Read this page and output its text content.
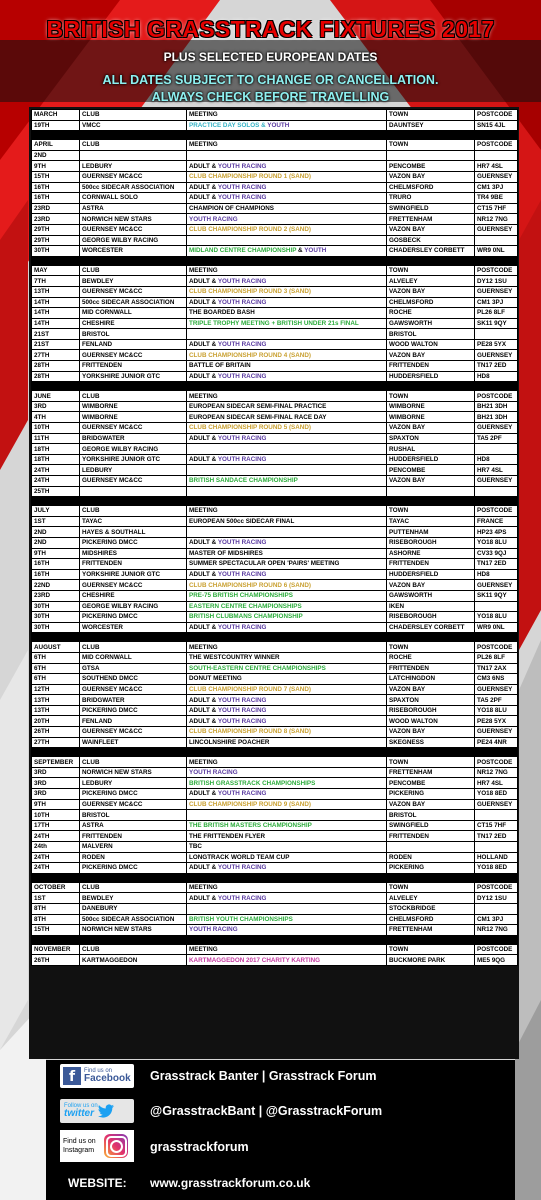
BRITISH GRASSTRACK FIXTURES 2017
PLUS SELECTED EUROPEAN DATES
ALL DATES SUBJECT TO CHANGE OR CANCELLATION.
ALWAYS CHECK BEFORE TRAVELLING
MARCH	CLUB	MEETING	TOWN	POSTCODE
19TH	VMCC	PRACTICE DAY SOLOS & YOUTH	DAUNTSEY	SN15 4JL

APRIL	CLUB	MEETING	TOWN	POSTCODE
2ND				
9TH	LEDBURY	ADULT & YOUTH RACING	PENCOMBE	HR7 4SL
15TH	GUERNSEY MC&CC	CLUB CHAMPIONSHIP ROUND 1 (SAND)	VAZON BAY	GUERNSEY
16TH	500cc SIDECAR ASSOCIATION	ADULT & YOUTH RACING	CHELMSFORD	CM1 3PJ
16TH	CORNWALL SOLO	ADULT & YOUTH RACING	TRURO	TR4 9BE
23RD	ASTRA	CHAMPION OF CHAMPIONS	SWINGFIELD	CT15 7HF
23RD	NORWICH NEW STARS	YOUTH RACING	FRETTENHAM	NR12 7NG
29TH	GUERNSEY MC&CC	CLUB CHAMPIONSHIP ROUND 2 (SAND)	VAZON BAY	GUERNSEY
29TH	GEORGE WILBY RACING		GOSBECK	
30TH	WORCESTER	MIDLAND CENTRE CHAMPIONSHIP & YOUTH	CHADERSLEY CORBETT	WR9 0NL

MAY	CLUB	MEETING	TOWN	POSTCODE
7TH	BEWDLEY	ADULT & YOUTH RACING	ALVELEY	DY12 1SU
13TH	GUERNSEY MC&CC	CLUB CHAMPIONSHIP ROUND 3 (SAND)	VAZON BAY	GUERNSEY
14TH	500cc SIDECAR ASSOCIATION	ADULT & YOUTH RACING	CHELMSFORD	CM1 3PJ
14TH	MID CORNWALL	THE BOARDED BASH	ROCHE	PL26 8LF
14TH	CHESHIRE	TRIPLE TROPHY MEETING + BRITISH UNDER 21s FINAL	GAWSWORTH	SK11 9QY
21ST	BRISTOL		BRISTOL	
21ST	FENLAND	ADULT & YOUTH RACING	WOOD WALTON	PE28 5YX
27TH	GUERNSEY MC&CC	CLUB CHAMPIONSHIP ROUND 4 (SAND)	VAZON BAY	GUERNSEY
28TH	FRITTENDEN	BATTLE OF BRITAIN	FRITTENDEN	TN17 2ED
28TH	YORKSHIRE JUNIOR GTC	ADULT & YOUTH RACING	HUDDERSFIELD	HD8

JUNE	CLUB	MEETING	TOWN	POSTCODE
3RD	WIMBORNE	EUROPEAN SIDECAR SEMI-FINAL PRACTICE	WIMBORNE	BH21 3DH
4TH	WIMBORNE	EUROPEAN SIDECAR SEMI-FINAL RACE DAY	WIMBORNE	BH21 3DH
10TH	GUERNSEY MC&CC	CLUB CHAMPIONSHIP ROUND 5 (SAND)	VAZON BAY	GUERNSEY
11TH	BRIDGWATER	ADULT & YOUTH RACING	SPAXTON	TA5 2PF
18TH	GEORGE WILBY RACING		RUSHAL	
18TH	YORKSHIRE JUNIOR GTC	ADULT & YOUTH RACING	HUDDERSFIELD	HD8
24TH	LEDBURY		PENCOMBE	HR7 4SL
24TH	GUERNSEY MC&CC	BRITISH SANDACE CHAMPIONSHIP	VAZON BAY	GUERNSEY
25TH				

JULY	CLUB	MEETING	TOWN	POSTCODE
1ST	TAYAC	EUROPEAN 500cc SIDECAR FINAL	TAYAC	FRANCE
2ND	HAYES & SOUTHALL		PUTTENHAM	HP23 4PS
2ND	PICKERING DMCC	ADULT & YOUTH RACING	RISEBOROUGH	YO18 8LU
9TH	MIDSHIRES	MASTER OF MIDSHIRES	ASHORNE	CV33 9QJ
16TH	FRITTENDEN	SUMMER SPECTACULAR OPEN 'PAIRS' MEETING	FRITTENDEN	TN17 2ED
16TH	YORKSHIRE JUNIOR GTC	ADULT & YOUTH RACING	HUDDERSFIELD	HD8
22ND	GUERNSEY MC&CC	CLUB CHAMPIONSHIP ROUND 6 (SAND)	VAZON BAY	GUERNSEY
23RD	CHESHIRE	PRE-75 BRITISH CHAMPIONSHIPS	GAWSWORTH	SK11 9QY
30TH	GEORGE WILBY RACING	EASTERN CENTRE CHAMPIONSHIPS	IKEN	
30TH	PICKERING DMCC	BRITISH CLUBMANS CHAMPIONSHIP	RISEBOROUGH	YO18 8LU
30TH	WORCESTER	ADULT & YOUTH RACING	CHADERSLEY CORBETT	WR9 0NL

AUGUST	CLUB	MEETING	TOWN	POSTCODE
6TH	MID CORNWALL	THE WESTCOUNTRY WINNER	ROCHE	PL26 8LF
6TH	GTSA	SOUTH-EASTERN CENTRE CHAMPIONSHIPS	FRITTENDEN	TN17 2AX
6TH	SOUTHEND DMCC	DONUT MEETING	LATCHINGDON	CM3 6NS
12TH	GUERNSEY MC&CC	CLUB CHAMPIONSHIP ROUND 7 (SAND)	VAZON BAY	GUERNSEY
13TH	BRIDGWATER	ADULT & YOUTH RACING	SPAXTON	TA5 2PF
13TH	PICKERING DMCC	ADULT & YOUTH RACING	RISEBOROUGH	YO18 8LU
20TH	FENLAND	ADULT & YOUTH RACING	WOOD WALTON	PE28 5YX
26TH	GUERNSEY MC&CC	CLUB CHAMPIONSHIP ROUND 8 (SAND)	VAZON BAY	GUERNSEY
27TH	WAINFLEET	LINCOLNSHIRE POACHER	SKEGNESS	PE24 4NR

SEPTEMBER	CLUB	MEETING	TOWN	POSTCODE
3RD	NORWICH NEW STARS	YOUTH RACING	FRETTENHAM	NR12 7NG
3RD	LEDBURY	BRITISH GRASSTRACK CHAMPIONSHIPS	PENCOMBE	HR7 4SL
3RD	PICKERING DMCC	ADULT & YOUTH RACING	PICKERING	YO18 8ED
9TH	GUERNSEY MC&CC	CLUB CHAMPIONSHIP ROUND 9 (SAND)	VAZON BAY	GUERNSEY
10TH	BRISTOL		BRISTOL	
17TH	ASTRA	THE BRITISH MASTERS CHAMPIONSHIP	SWINGFIELD	CT15 7HF
24TH	FRITTENDEN	THE FRITTENDEN FLYER	FRITTENDEN	TN17 2ED
24th	MALVERN	TBC		
24TH	RODEN	LONGTRACK WORLD TEAM CUP	RODEN	HOLLAND
24TH	PICKERING DMCC	ADULT & YOUTH RACING	PICKERING	YO18 8ED

OCTOBER	CLUB	MEETING	TOWN	POSTCODE
1ST	BEWDLEY	ADULT & YOUTH RACING	ALVELEY	DY12 1SU
8TH	DANEBURY		STOCKBRIDGE	
8TH	500cc SIDECAR ASSOCIATION	BRITISH YOUTH CHAMPIONSHIPS	CHELMSFORD	CM1 3PJ
15TH	NORWICH NEW STARS	YOUTH RACING	FRETTENHAM	NR12 7NG

NOVEMBER	CLUB	MEETING	TOWN	POSTCODE
26TH	KARTMAGGEDON	KARTMAGGEDON 2017 CHARITY KARTING	BUCKMORE PARK	ME5 9QG
f	Find us on
Facebook Grasstrack Banter | Grasstrack Forum
Follow us on
twitter	@GrasstrackBant | @GrasstrackForum
Find us on Instagram	grasstrackforum
WEBSITE: www.grasstrackforum.co.uk
